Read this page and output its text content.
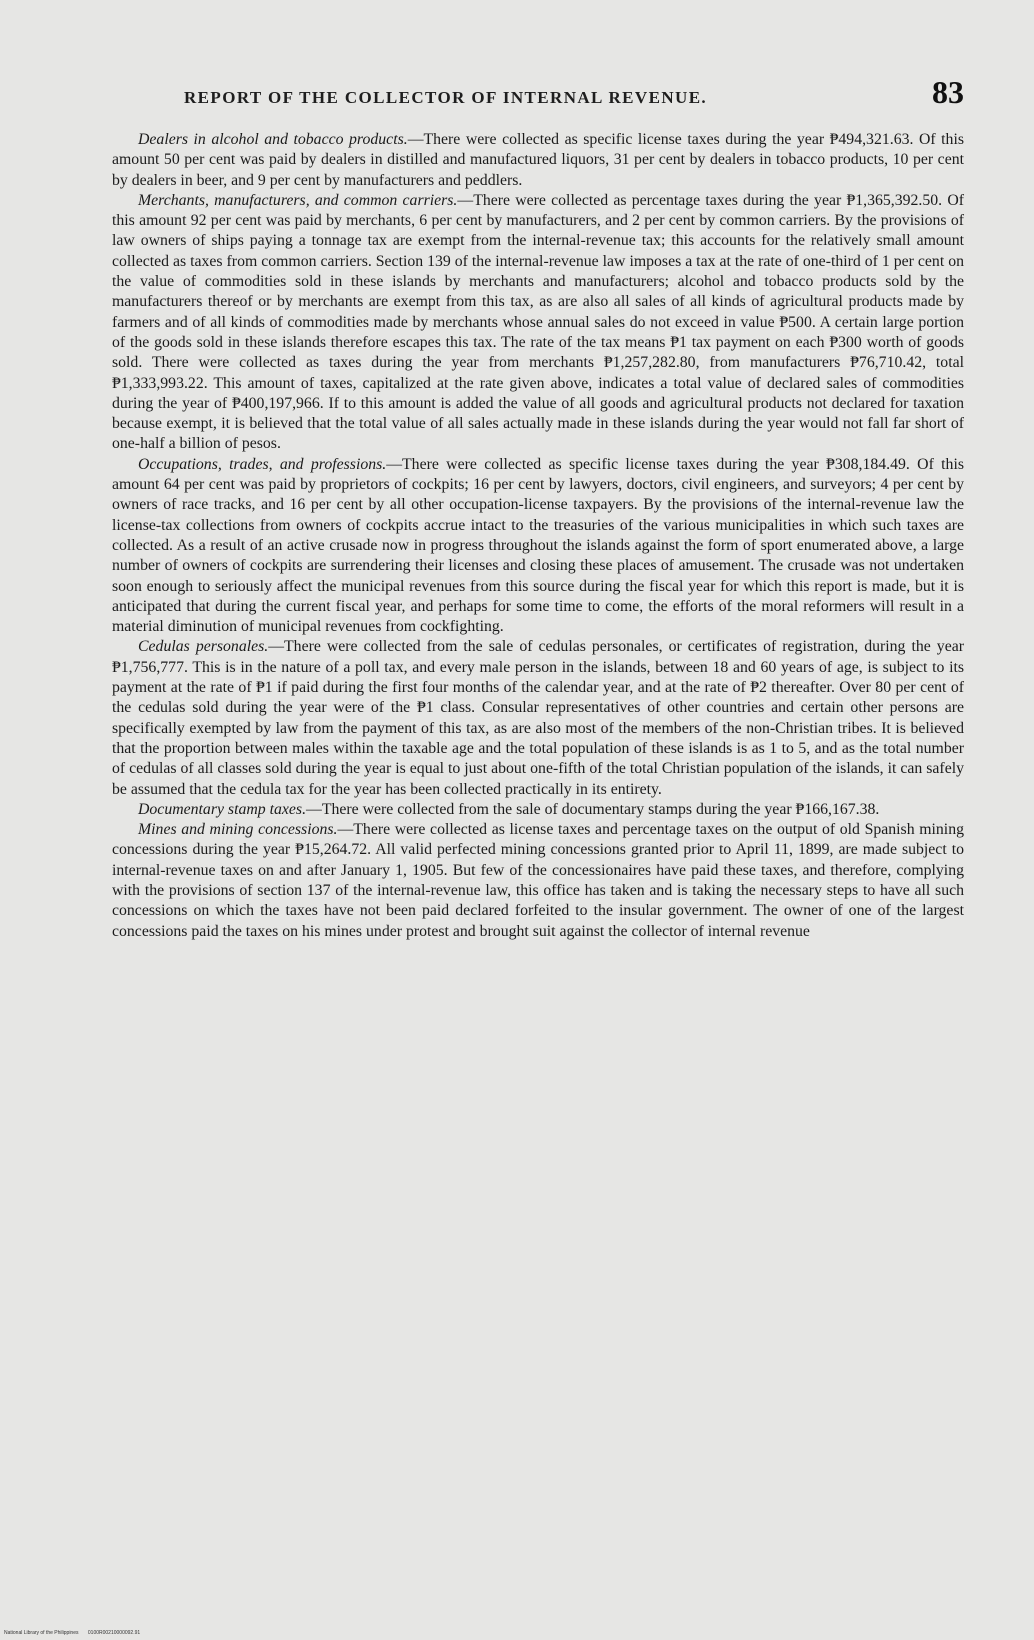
REPORT OF THE COLLECTOR OF INTERNAL REVENUE.	83

Dealers in alcohol and tobacco products.—There were collected as specific license taxes during the year ₱494,321.63. Of this amount 50 per cent was paid by dealers in distilled and manufactured liquors, 31 per cent by dealers in tobacco products, 10 per cent by dealers in beer, and 9 per cent by manufacturers and peddlers.

Merchants, manufacturers, and common carriers.—There were collected as percentage taxes during the year ₱1,365,392.50. Of this amount 92 per cent was paid by merchants, 6 per cent by manufacturers, and 2 per cent by common carriers. By the provisions of law owners of ships paying a tonnage tax are exempt from the internal-revenue tax; this accounts for the relatively small amount collected as taxes from common carriers. Section 139 of the internal-revenue law imposes a tax at the rate of one-third of 1 per cent on the value of commodities sold in these islands by merchants and manufacturers; alcohol and tobacco products sold by the manufacturers thereof or by merchants are exempt from this tax, as are also all sales of all kinds of agricultural products made by farmers and of all kinds of commodities made by merchants whose annual sales do not exceed in value ₱500. A certain large portion of the goods sold in these islands therefore escapes this tax. The rate of the tax means ₱1 tax payment on each ₱300 worth of goods sold. There were collected as taxes during the year from merchants ₱1,257,282.80, from manufacturers ₱76,710.42, total ₱1,333,993.22. This amount of taxes, capitalized at the rate given above, indicates a total value of declared sales of commodities during the year of ₱400,197,966. If to this amount is added the value of all goods and agricultural products not declared for taxation because exempt, it is believed that the total value of all sales actually made in these islands during the year would not fall far short of one-half a billion of pesos.

Occupations, trades, and professions.—There were collected as specific license taxes during the year ₱308,184.49. Of this amount 64 per cent was paid by proprietors of cockpits; 16 per cent by lawyers, doctors, civil engineers, and surveyors; 4 per cent by owners of race tracks, and 16 per cent by all other occupation-license taxpayers. By the provisions of the internal-revenue law the license-tax collections from owners of cockpits accrue intact to the treasuries of the various municipalities in which such taxes are collected. As a result of an active crusade now in progress throughout the islands against the form of sport enumerated above, a large number of owners of cockpits are surrendering their licenses and closing these places of amusement. The crusade was not undertaken soon enough to seriously affect the municipal revenues from this source during the fiscal year for which this report is made, but it is anticipated that during the current fiscal year, and perhaps for some time to come, the efforts of the moral reformers will result in a material diminution of municipal revenues from cockfighting.

Cedulas personales.—There were collected from the sale of cedulas personales, or certificates of registration, during the year ₱1,756,777. This is in the nature of a poll tax, and every male person in the islands, between 18 and 60 years of age, is subject to its payment at the rate of ₱1 if paid during the first four months of the calendar year, and at the rate of ₱2 thereafter. Over 80 per cent of the cedulas sold during the year were of the ₱1 class. Consular representatives of other countries and certain other persons are specifically exempted by law from the payment of this tax, as are also most of the members of the non-Christian tribes. It is believed that the proportion between males within the taxable age and the total population of these islands is as 1 to 5, and as the total number of cedulas of all classes sold during the year is equal to just about one-fifth of the total Christian population of the islands, it can safely be assumed that the cedula tax for the year has been collected practically in its entirety.

Documentary stamp taxes.—There were collected from the sale of documentary stamps during the year ₱166,167.38.

Mines and mining concessions.—There were collected as license taxes and percentage taxes on the output of old Spanish mining concessions during the year ₱15,264.72. All valid perfected mining concessions granted prior to April 11, 1899, are made subject to internal-revenue taxes on and after January 1, 1905. But few of the concessionaires have paid these taxes, and therefore, complying with the provisions of section 137 of the internal-revenue law, this office has taken and is taking the necessary steps to have all such concessions on which the taxes have not been paid declared forfeited to the insular government. The owner of one of the largest concessions paid the taxes on his mines under protest and brought suit against the collector of internal revenue

National Library of the Philippines 0100R00210000092.91
